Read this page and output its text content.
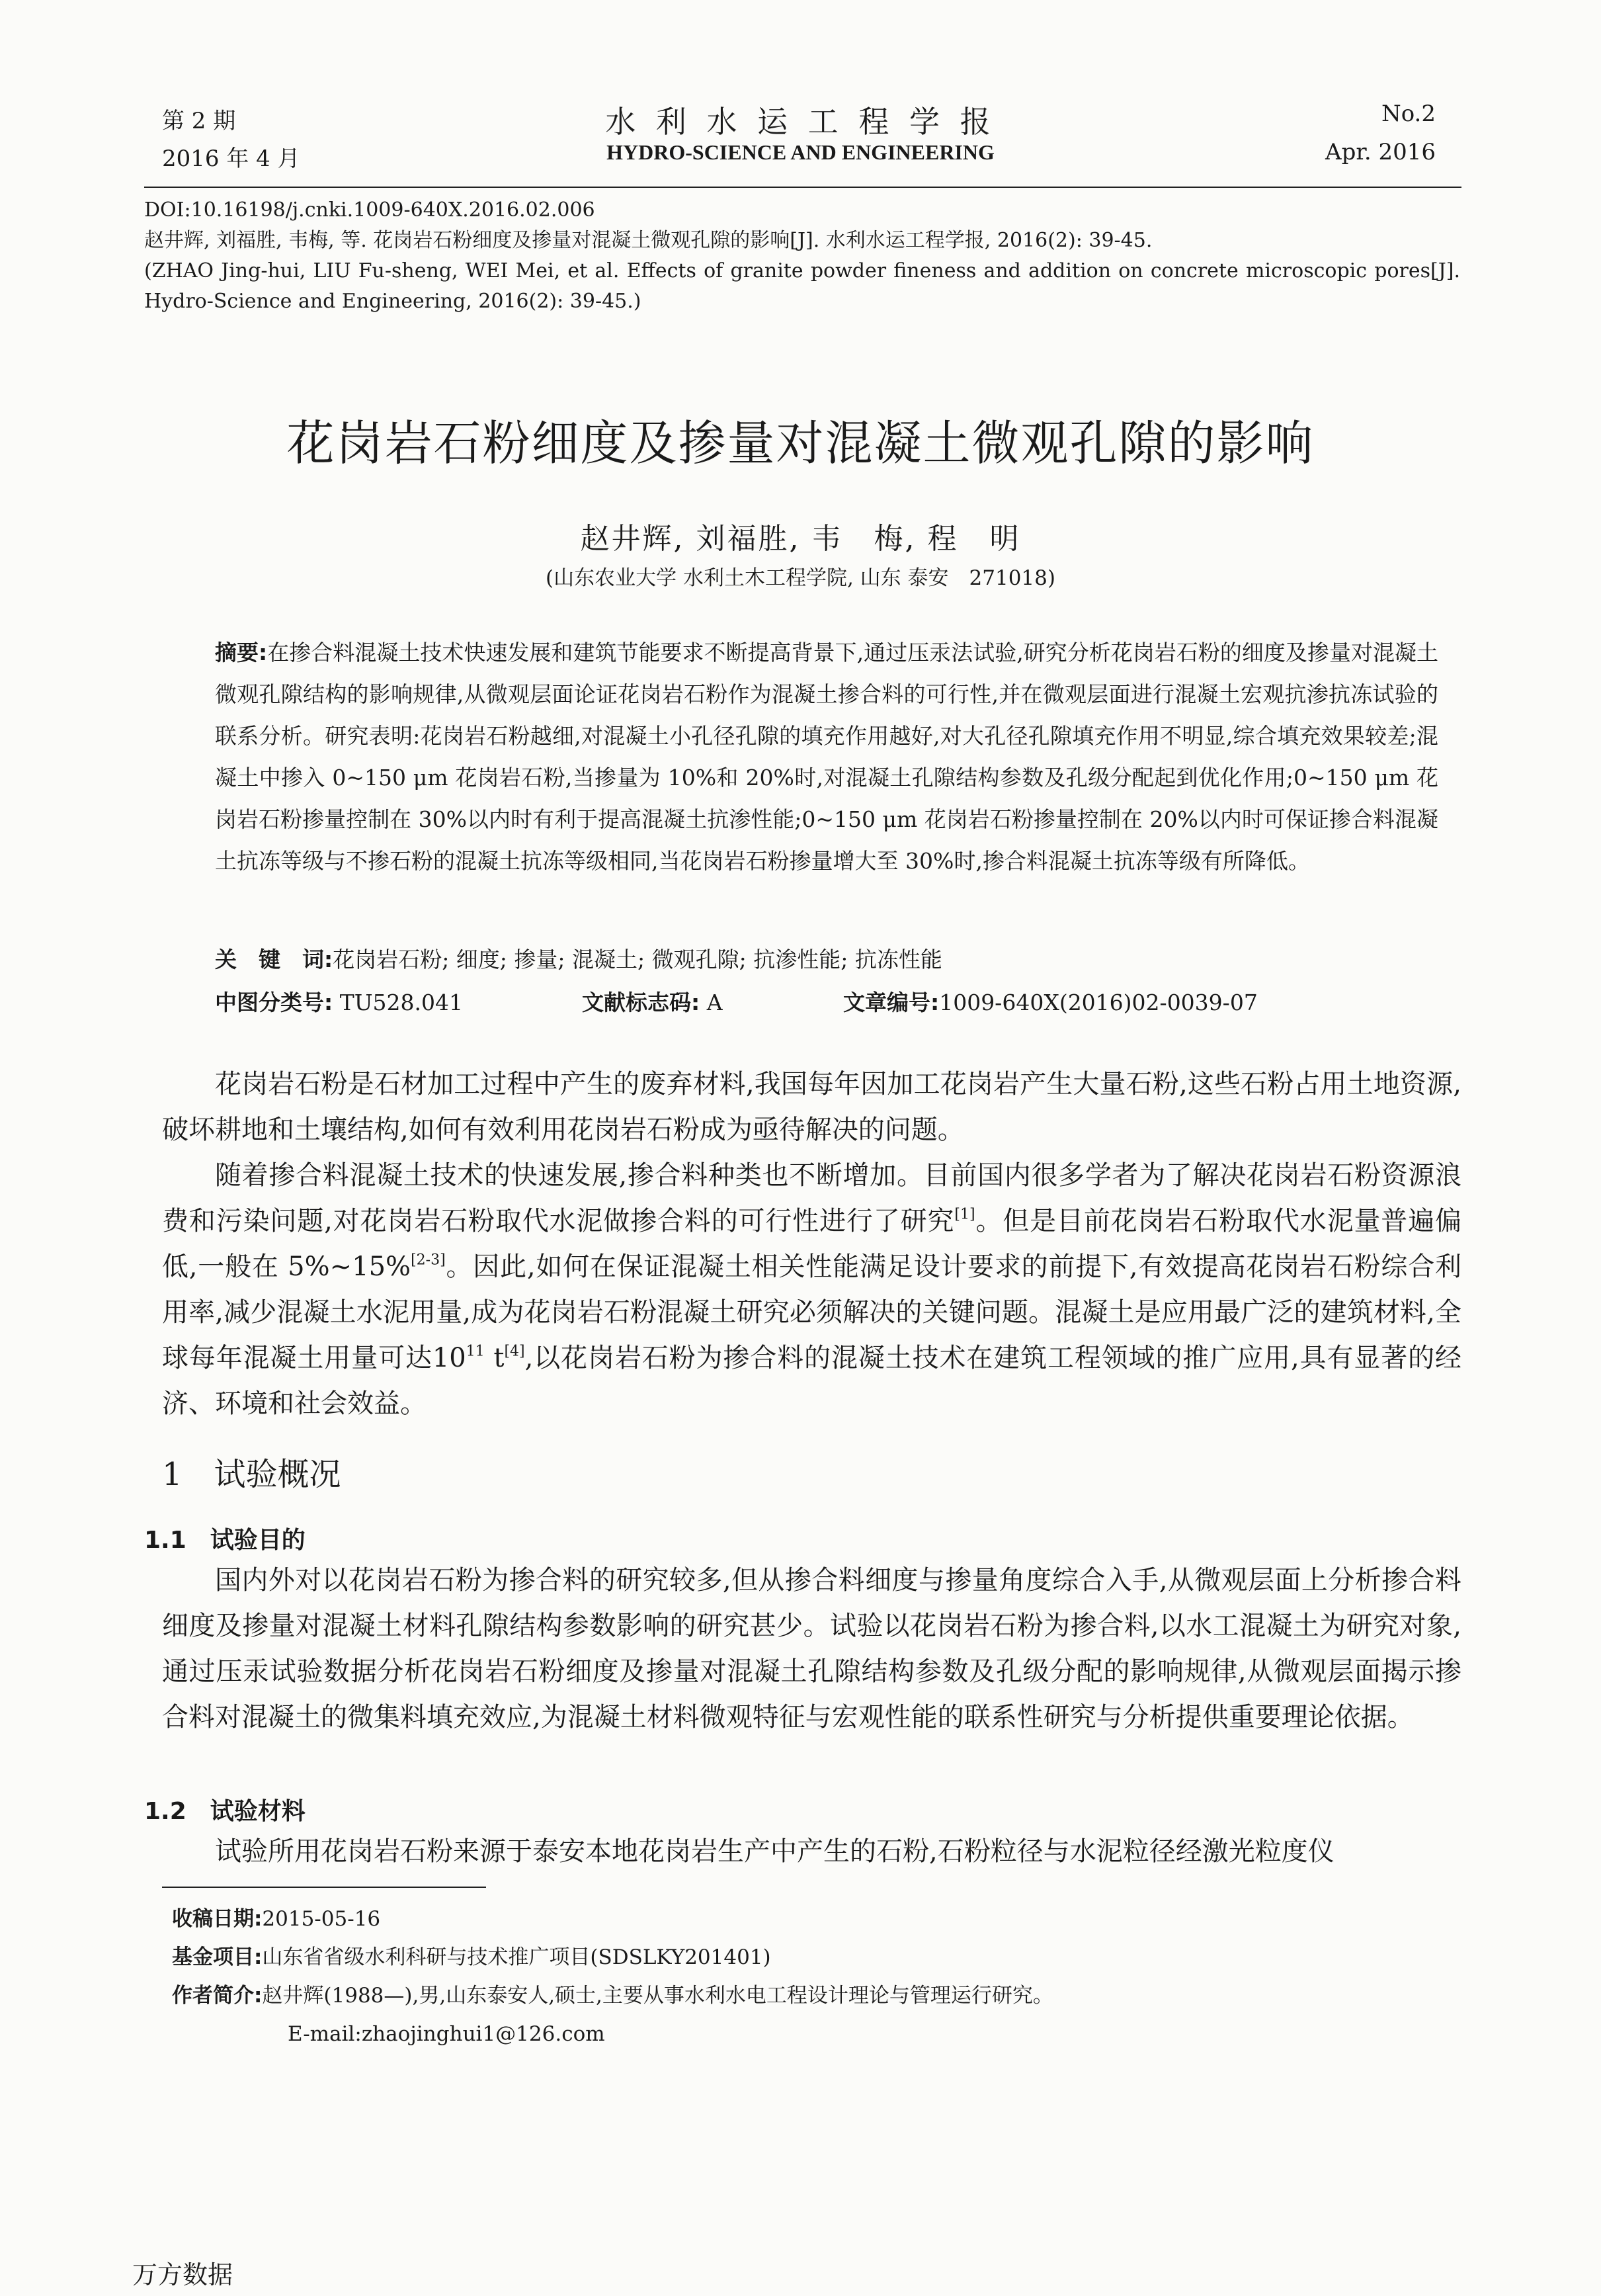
第 2 期
2016 年 4 月
水 利 水 运 工 程 学 报
HYDRO-SCIENCE AND ENGINEERING
No.2
Apr. 2016
DOI:10.16198/j.cnki.1009-640X.2016.02.006
赵井辉, 刘福胜, 韦梅, 等. 花岗岩石粉细度及掺量对混凝土微观孔隙的影响[J]. 水利水运工程学报, 2016(2): 39-45.
(ZHAO Jing-hui, LIU Fu-sheng, WEI Mei, et al. Effects of granite powder fineness and addition on concrete microscopic pores[J]. Hydro-Science and Engineering, 2016(2): 39-45.)
花岗岩石粉细度及掺量对混凝土微观孔隙的影响
赵井辉, 刘福胜, 韦　梅, 程　明
(山东农业大学 水利土木工程学院, 山东 泰安　271018)
摘要:在掺合料混凝土技术快速发展和建筑节能要求不断提高背景下,通过压汞法试验,研究分析花岗岩石粉的细度及掺量对混凝土微观孔隙结构的影响规律,从微观层面论证花岗岩石粉作为混凝土掺合料的可行性,并在微观层面进行混凝土宏观抗渗抗冻试验的联系分析。研究表明:花岗岩石粉越细,对混凝土小孔径孔隙的填充作用越好,对大孔径孔隙填充作用不明显,综合填充效果较差;混凝土中掺入 0~150 μm 花岗岩石粉,当掺量为 10%和 20%时,对混凝土孔隙结构参数及孔级分配起到优化作用;0~150 μm 花岗岩石粉掺量控制在 30%以内时有利于提高混凝土抗渗性能;0~150 μm 花岗岩石粉掺量控制在 20%以内时可保证掺合料混凝土抗冻等级与不掺石粉的混凝土抗冻等级相同,当花岗岩石粉掺量增大至 30%时,掺合料混凝土抗冻等级有所降低。
关　键　词:花岗岩石粉; 细度; 掺量; 混凝土; 微观孔隙; 抗渗性能; 抗冻性能
中图分类号: TU528.041	文献标志码: A	文章编号:1009-640X(2016)02-0039-07

花岗岩石粉是石材加工过程中产生的废弃材料,我国每年因加工花岗岩产生大量石粉,这些石粉占用土地资源,破坏耕地和土壤结构,如何有效利用花岗岩石粉成为亟待解决的问题。

随着掺合料混凝土技术的快速发展,掺合料种类也不断增加。目前国内很多学者为了解决花岗岩石粉资源浪费和污染问题,对花岗岩石粉取代水泥做掺合料的可行性进行了研究[1]。但是目前花岗岩石粉取代水泥量普遍偏低,一般在 5%~15%[2-3]。因此,如何在保证混凝土相关性能满足设计要求的前提下,有效提高花岗岩石粉综合利用率,减少混凝土水泥用量,成为花岗岩石粉混凝土研究必须解决的关键问题。混凝土是应用最广泛的建筑材料,全球每年混凝土用量可达$10^{11}$ t[4],以花岗岩石粉为掺合料的混凝土技术在建筑工程领域的推广应用,具有显著的经济、环境和社会效益。

1　试验概况
1.1　试验目的

国内外对以花岗岩石粉为掺合料的研究较多,但从掺合料细度与掺量角度综合入手,从微观层面上分析掺合料细度及掺量对混凝土材料孔隙结构参数影响的研究甚少。试验以花岗岩石粉为掺合料,以水工混凝土为研究对象,通过压汞试验数据分析花岗岩石粉细度及掺量对混凝土孔隙结构参数及孔级分配的影响规律,从微观层面揭示掺合料对混凝土的微集料填充效应,为混凝土材料微观特征与宏观性能的联系性研究与分析提供重要理论依据。

1.2　试验材料

试验所用花岗岩石粉来源于泰安本地花岗岩生产中产生的石粉,石粉粒径与水泥粒径经激光粒度仪

收稿日期:2015-05-16
基金项目:山东省省级水利科研与技术推广项目(SDSLKY201401)
作者简介:赵井辉(1988—),男,山东泰安人,硕士,主要从事水利水电工程设计理论与管理运行研究。
E-mail:zhaojinghui1@126.com
万方数据
